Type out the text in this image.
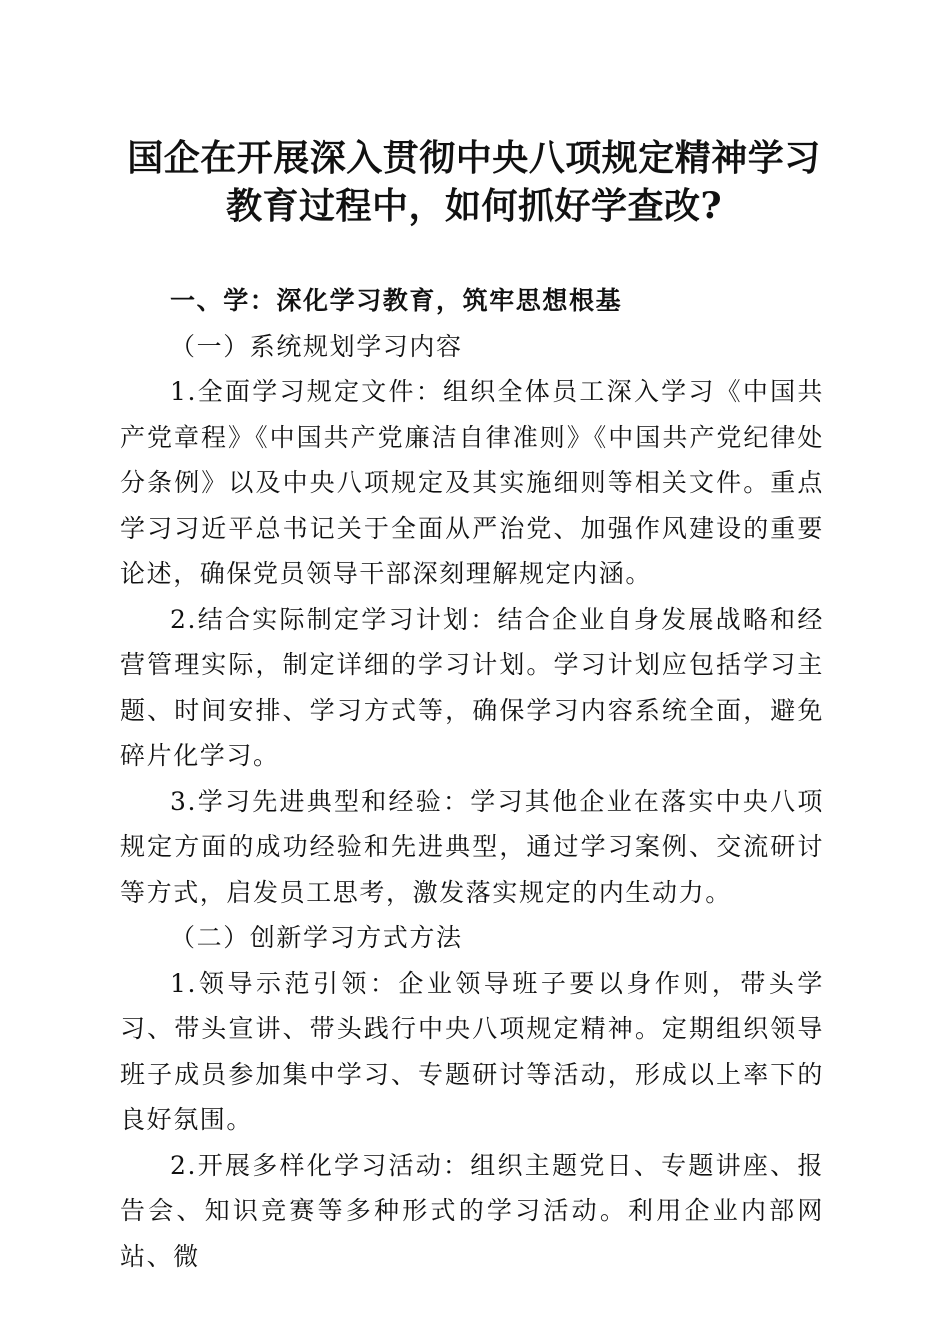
国企在开展深入贯彻中央八项规定精神学习教育过程中，如何抓好学查改?

一、学：深化学习教育，筑牢思想根基

（一）系统规划学习内容

1.全面学习规定文件：组织全体员工深入学习《中国共产党章程》《中国共产党廉洁自律准则》《中国共产党纪律处分条例》以及中央八项规定及其实施细则等相关文件。重点学习习近平总书记关于全面从严治党、加强作风建设的重要论述，确保党员领导干部深刻理解规定内涵。

2.结合实际制定学习计划：结合企业自身发展战略和经营管理实际，制定详细的学习计划。学习计划应包括学习主题、时间安排、学习方式等，确保学习内容系统全面，避免碎片化学习。

3.学习先进典型和经验：学习其他企业在落实中央八项规定方面的成功经验和先进典型，通过学习案例、交流研讨等方式，启发员工思考，激发落实规定的内生动力。

（二）创新学习方式方法

1.领导示范引领：企业领导班子要以身作则，带头学习、带头宣讲、带头践行中央八项规定精神。定期组织领导班子成员参加集中学习、专题研讨等活动，形成以上率下的良好氛围。

2.开展多样化学习活动：组织主题党日、专题讲座、报告会、知识竞赛等多种形式的学习活动。利用企业内部网站、微
